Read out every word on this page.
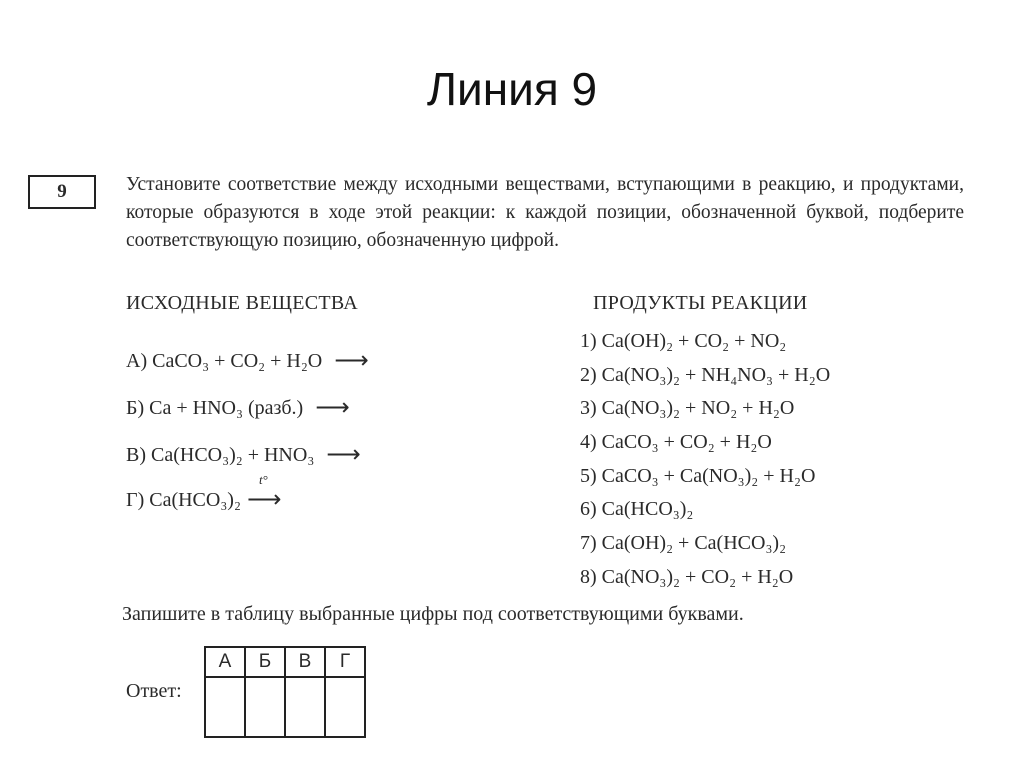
Линия 9
9	Установите соответствие между исходными веществами, вступающими в реакцию, и продуктами, которые образуются в ходе этой реакции: к каждой позиции, обозначенной буквой, подберите соответствующую позицию, обозначенную цифрой.
ИСХОДНЫЕ ВЕЩЕСТВА	ПРОДУКТЫ РЕАКЦИИ
А) CaCO₃ + CO₂ + H₂O ⟶
Б) Ca + HNO₃ (разб.) ⟶
В) Ca(HCO₃)₂ + HNO₃ ⟶
Г) Ca(HCO₃)₂
t°
⟶
1) Ca(OH)₂ + CO₂ + NO₂
2) Ca(NO₃)₂ + NH₄NO₃ + H₂O
3) Ca(NO₃)₂ + NO₂ + H₂O
4) CaCO₃ + CO₂ + H₂O
5) CaCO₃ + Ca(NO₃)₂ + H₂O
6) Ca(HCO₃)₂
7) Ca(OH)₂ + Ca(HCO₃)₂
8) Ca(NO₃)₂ + CO₂ + H₂O
Запишите в таблицу выбранные цифры под соответствующими буквами.
Ответ:
А	Б	В	Г
